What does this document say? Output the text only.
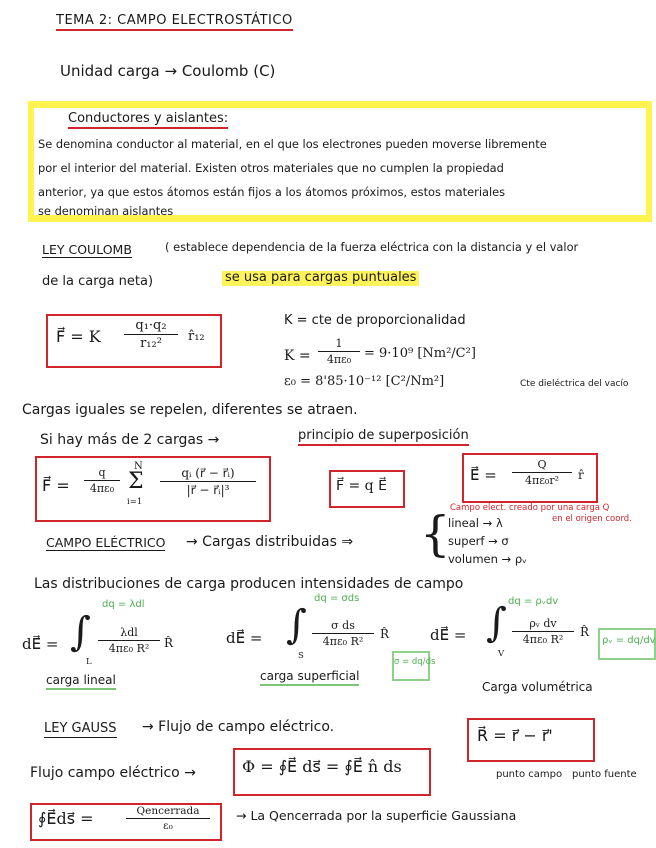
TEMA 2: CAMPO ELECTROSTÁTICO
Unidad carga → Coulomb (C)
Conductores y aislantes:
Se denomina conductor al material, en el que los electrones pueden moverse libremente
por el interior del material. Existen otros materiales que no cumplen la propiedad
anterior, ya que estos átomos están fijos a los átomos próximos, estos materiales
se denominan aislantes
LEY COULOMB	( establece dependencia de la fuerza eléctrica con la distancia y el valor
de la carga neta)	se usa para cargas puntuales
F⃗ = K
q₁·q₂
r₁₂²	r̂₁₂
K = cte de proporcionalidad
K =
1
4πε₀ = 9·10⁹ [Nm²/C²]
ε₀ = 8'85·10⁻¹² [C²/Nm²]	Cte dieléctrica del vacío
Cargas iguales se repelen, diferentes se atraen.
Si hay más de 2 cargas →	principio de superposición
F⃗ =
q
4πε₀
N
Σ
i=1
qᵢ (r⃗ − r⃗ᵢ)
|r⃗ − r⃗ᵢ|³	F⃗ = q E⃗
E⃗ =
Q
4πε₀r²	r̂
Campo elect. creado por una carga Q
en el origen coord.
CAMPO ELÉCTRICO → Cargas distribuidas ⇒ {
lineal → λ
superf → σ
volumen → ρᵥ
Las distribuciones de carga producen intensidades de campo
dq = λdl
dq = σds	dq = ρᵥdv
dE⃗ = ∫
L
λdl
4πε₀ R²	R̂
carga lineal
dE⃗ = ∫
S
σ ds
4πε₀ R²
R̂
σ = dq/ds
carga superficial
dE⃗ = ∫
V
ρᵥ dv
4πε₀ R²
R̂
ρᵥ = dq/dv
Carga volumétrica
LEY GAUSS → Flujo de campo eléctrico.	R⃗ = r⃗ − r⃗'
punto campo punto fuente
Flujo campo eléctrico →	Φ = ∮E⃗ ds⃗ = ∮E⃗ n̂ ds
∮E⃗ds⃗ =	Qencerrada
ε₀
→ La Qencerrada por la superficie Gaussiana
